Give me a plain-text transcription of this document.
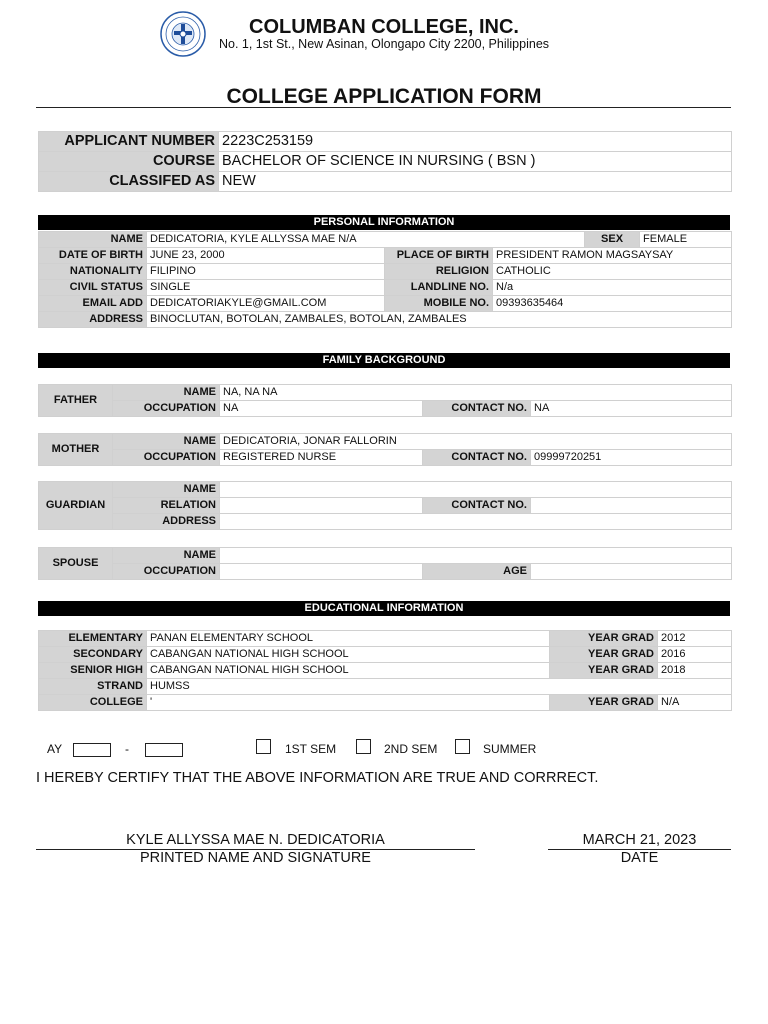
COLUMBAN COLLEGE, INC.
No. 1, 1st St., New Asinan, Olongapo City 2200, Philippines
COLLEGE APPLICATION FORM
APPLICANT NUMBER	2223C253159
COURSE	BACHELOR OF SCIENCE IN NURSING ( BSN )
CLASSIFED AS	NEW
PERSONAL INFORMATION
NAME	DEDICATORIA, KYLE ALLYSSA MAE N/A			SEX	FEMALE
DATE OF BIRTH	JUNE 23, 2000	PLACE OF BIRTH	PRESIDENT RAMON MAGSAYSAY		
NATIONALITY	FILIPINO	RELIGION	CATHOLIC		
CIVIL STATUS	SINGLE	LANDLINE NO.	N/a		
EMAIL ADD	DEDICATORIAKYLE@GMAIL.COM	MOBILE NO.	09393635464		
ADDRESS	BINOCLUTAN, BOTOLAN, ZAMBALES, BOTOLAN, ZAMBALES				
FAMILY BACKGROUND
FATHER	NAME	NA, NA NA		
	OCCUPATION	NA	CONTACT NO.	NA
MOTHER	NAME	DEDICATORIA, JONAR FALLORIN		
	OCCUPATION	REGISTERED NURSE	CONTACT NO.	09999720251
GUARDIAN	NAME			
	RELATION		CONTACT NO.	
	ADDRESS			
SPOUSE	NAME			
	OCCUPATION		AGE	
EDUCATIONAL INFORMATION
ELEMENTARY	PANAN ELEMENTARY SCHOOL	YEAR GRAD	2012
SECONDARY	CABANGAN NATIONAL HIGH SCHOOL	YEAR GRAD	2016
SENIOR HIGH	CABANGAN NATIONAL HIGH SCHOOL	YEAR GRAD	2018
STRAND	HUMSS		
COLLEGE	'	YEAR GRAD	N/A
AY	-	1ST SEM	2ND SEM	SUMMER
I HEREBY CERTIFY THAT THE ABOVE INFORMATION ARE TRUE AND CORRRECT.
KYLE ALLYSSA MAE N. DEDICATORIA
PRINTED NAME AND SIGNATURE
MARCH 21, 2023
DATE
